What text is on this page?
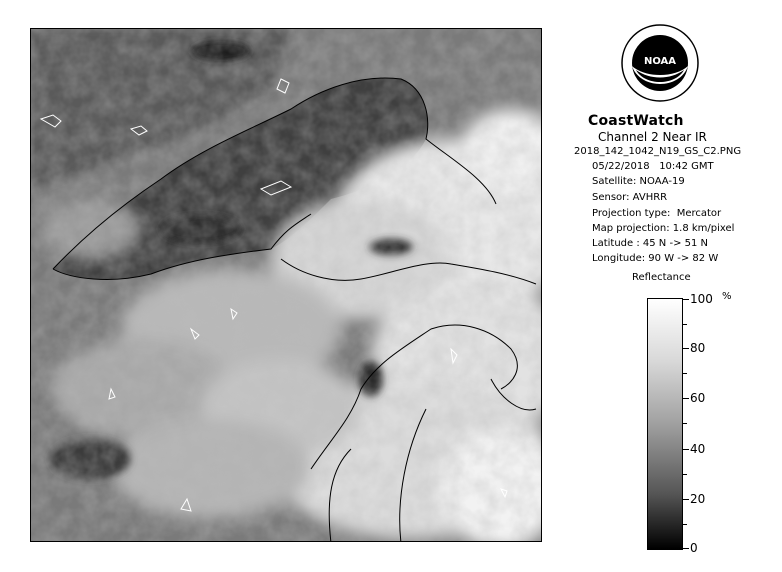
NOAA
CoastWatch
Channel 2 Near IR
2018_142_1042_N19_GS_C2.PNG
05/22/2018 10:42 GMT
Satellite: NOAA-19
Sensor: AVHRR
Projection type: Mercator
Map projection: 1.8 km/pixel
Latitude : 45 N -> 51 N
Longitude: 90 W -> 82 W
Reflectance
%
100
80
60
40
20
0
